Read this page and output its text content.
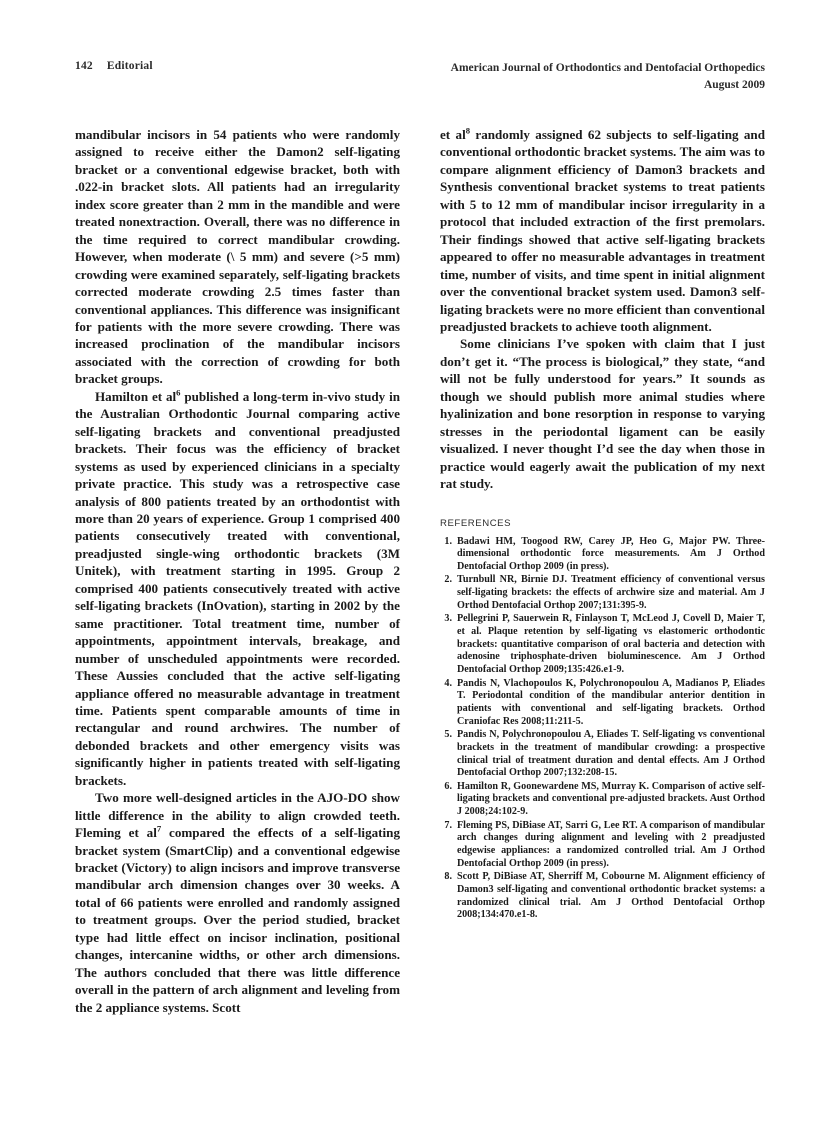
142 Editorial	American Journal of Orthodontics and Dentofacial Orthopedics
August 2009

mandibular incisors in 54 patients who were randomly assigned to receive either the Damon2 self-ligating bracket or a conventional edgewise bracket, both with .022-in bracket slots. All patients had an irregularity index score greater than 2 mm in the mandible and were treated nonextraction. Overall, there was no difference in the time required to correct mandibular crowding. However, when moderate (\ 5 mm) and severe (>5 mm) crowding were examined separately, self-ligating brackets corrected moderate crowding 2.5 times faster than conventional appliances. This difference was insignificant for patients with the more severe crowding. There was increased proclination of the mandibular incisors associated with the correction of crowding for both bracket groups.

Hamilton et $al^6$ published a long-term in-vivo study in the Australian Orthodontic Journal comparing active self-ligating brackets and conventional preadjusted brackets. Their focus was the efficiency of bracket systems as used by experienced clinicians in a specialty private practice. This study was a retrospective case analysis of 800 patients treated by an orthodontist with more than 20 years of experience. Group 1 comprised 400 patients consecutively treated with conventional, preadjusted single-wing orthodontic brackets (3M Unitek), with treatment starting in 1995. Group 2 comprised 400 patients consecutively treated with active self-ligating brackets (InOvation), starting in 2002 by the same practitioner. Total treatment time, number of appointments, appointment intervals, breakage, and number of unscheduled appointments were recorded. These Aussies concluded that the active self-ligating appliance offered no measurable advantage in treatment time. Patients spent comparable amounts of time in rectangular and round archwires. The number of debonded brackets and other emergency visits was significantly higher in patients treated with self-ligating brackets.

Two more well-designed articles in the AJO-DO show little difference in the ability to align crowded teeth. Fleming et $al^7$ compared the effects of a self-ligating bracket system (SmartClip) and a conventional edgewise bracket (Victory) to align incisors and improve transverse mandibular arch dimension changes over 30 weeks. A total of 66 patients were enrolled and randomly assigned to treatment groups. Over the period studied, bracket type had little effect on incisor inclination, positional changes, intercanine widths, or other arch dimensions. The authors concluded that there was little difference overall in the pattern of arch alignment and leveling from the 2 appliance systems. Scott

et $al^8$ randomly assigned 62 subjects to self-ligating and conventional orthodontic bracket systems. The aim was to compare alignment efficiency of Damon3 brackets and Synthesis conventional bracket systems to treat patients with 5 to 12 mm of mandibular incisor irregularity in a protocol that included extraction of the first premolars. Their findings showed that active self-ligating brackets appeared to offer no measurable advantages in treatment time, number of visits, and time spent in initial alignment over the conventional bracket system used. Damon3 self-ligating brackets were no more efficient than conventional preadjusted brackets to achieve tooth alignment.

Some clinicians I’ve spoken with claim that I just don’t get it. “The process is biological,” they state, “and will not be fully understood for years.” It sounds as though we should publish more animal studies where hyalinization and bone resorption in response to varying stresses in the periodontal ligament can be easily visualized. I never thought I’d see the day when those in practice would eagerly await the publication of my next rat study.

REFERENCES
Badawi HM, Toogood RW, Carey JP, Heo G, Major PW. Three-dimensional orthodontic force measurements. Am J Orthod Dentofacial Orthop 2009 (in press).
Turnbull NR, Birnie DJ. Treatment efficiency of conventional versus self-ligating brackets: the effects of archwire size and material. Am J Orthod Dentofacial Orthop 2007;131:395-9.
Pellegrini P, Sauerwein R, Finlayson T, McLeod J, Covell D, Maier T, et al. Plaque retention by self-ligating vs elastomeric orthodontic brackets: quantitative comparison of oral bacteria and detection with adenosine triphosphate-driven bioluminescence. Am J Orthod Dentofacial Orthop 2009;135:426.e1-9.
Pandis N, Vlachopoulos K, Polychronopoulou A, Madianos P, Eliades T. Periodontal condition of the mandibular anterior dentition in patients with conventional and self-ligating brackets. Orthod Craniofac Res 2008;11:211-5.
Pandis N, Polychronopoulou A, Eliades T. Self-ligating vs conventional brackets in the treatment of mandibular crowding: a prospective clinical trial of treatment duration and dental effects. Am J Orthod Dentofacial Orthop 2007;132:208-15.
Hamilton R, Goonewardene MS, Murray K. Comparison of active self-ligating brackets and conventional pre-adjusted brackets. Aust Orthod J 2008;24:102-9.
Fleming PS, DiBiase AT, Sarri G, Lee RT. A comparison of mandibular arch changes during alignment and leveling with 2 preadjusted edgewise appliances: a randomized controlled trial. Am J Orthod Dentofacial Orthop 2009 (in press).
Scott P, DiBiase AT, Sherriff M, Cobourne M. Alignment efficiency of Damon3 self-ligating and conventional orthodontic bracket systems: a randomized clinical trial. Am J Orthod Dentofacial Orthop 2008;134:470.e1-8.
